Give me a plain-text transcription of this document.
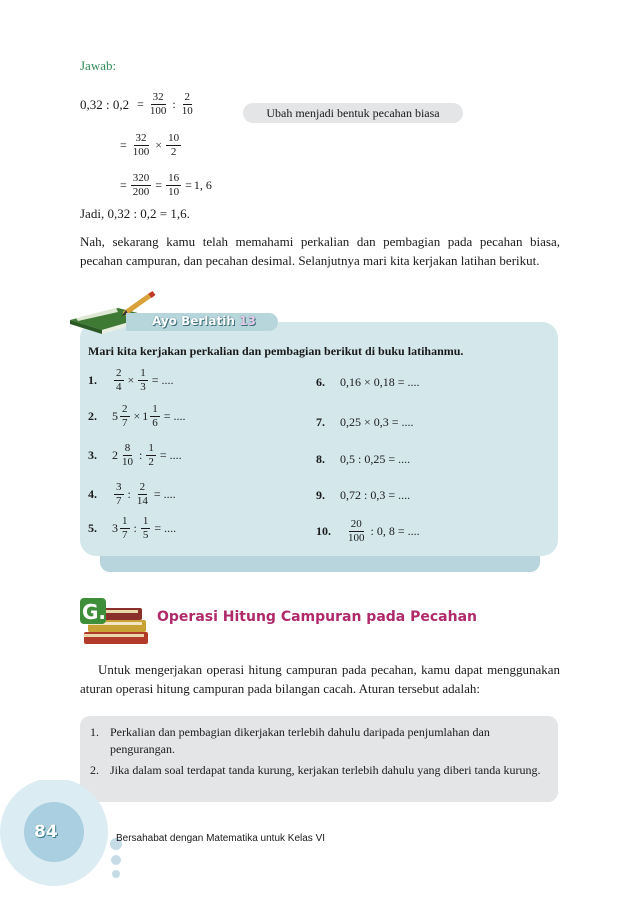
Jawab:
0,32 : $0,2 = \frac{32}{100}$ : $\frac{2}{10}$	Ubah menjadi bentuk pecahan biasa
= $\frac{32}{100} \times \frac{10}{2}$
= $\frac{320}{200} = \frac{16}{10} = 1$, 6
Jadi, 0,32 : 0,2 = 1,6.
Nah, sekarang kamu telah memahami perkalian dan pembagian pada pecahan biasa, pecahan campuran, dan pecahan desimal. Selanjutnya mari kita kerjakan latihan berikut.
Ayo Berlatih 13
Mari kita kerjakan perkalian dan pembagian berikut di buku latihanmu.
1.	$\frac{2}{4} \times \frac{1}{3}$ = ....
2.	$5 \frac{2}{7} \times 1 \frac{1}{6}$ = ....
3.	$2 \frac{8}{10}$ : $\frac{1}{2}$ = ....
4.	$\frac{3}{7}$ : $\frac{2}{14}$ = ....
5.	$3 \frac{1}{7}$ : $\frac{1}{5}$ = ....
6.	0,16 × 0,18 = ....
7.	0,25 × 0,3 = ....
8.	0,5 : 0,25 = ....
9.	0,72 : 0,3 = ....
10.	$\frac{20}{100}$ : 0, 8 = ....
G.	Operasi Hitung Campuran pada Pecahan
Untuk mengerjakan operasi hitung campuran pada pecahan, kamu dapat menggunakan aturan operasi hitung campuran pada bilangan cacah. Aturan tersebut adalah:
1. Perkalian dan pembagian dikerjakan terlebih dahulu daripada penjumlahan dan pengurangan.
2. Jika dalam soal terdapat tanda kurung, kerjakan terlebih dahulu yang diberi tanda kurung.
84	Bersahabat dengan Matematika untuk Kelas VI
